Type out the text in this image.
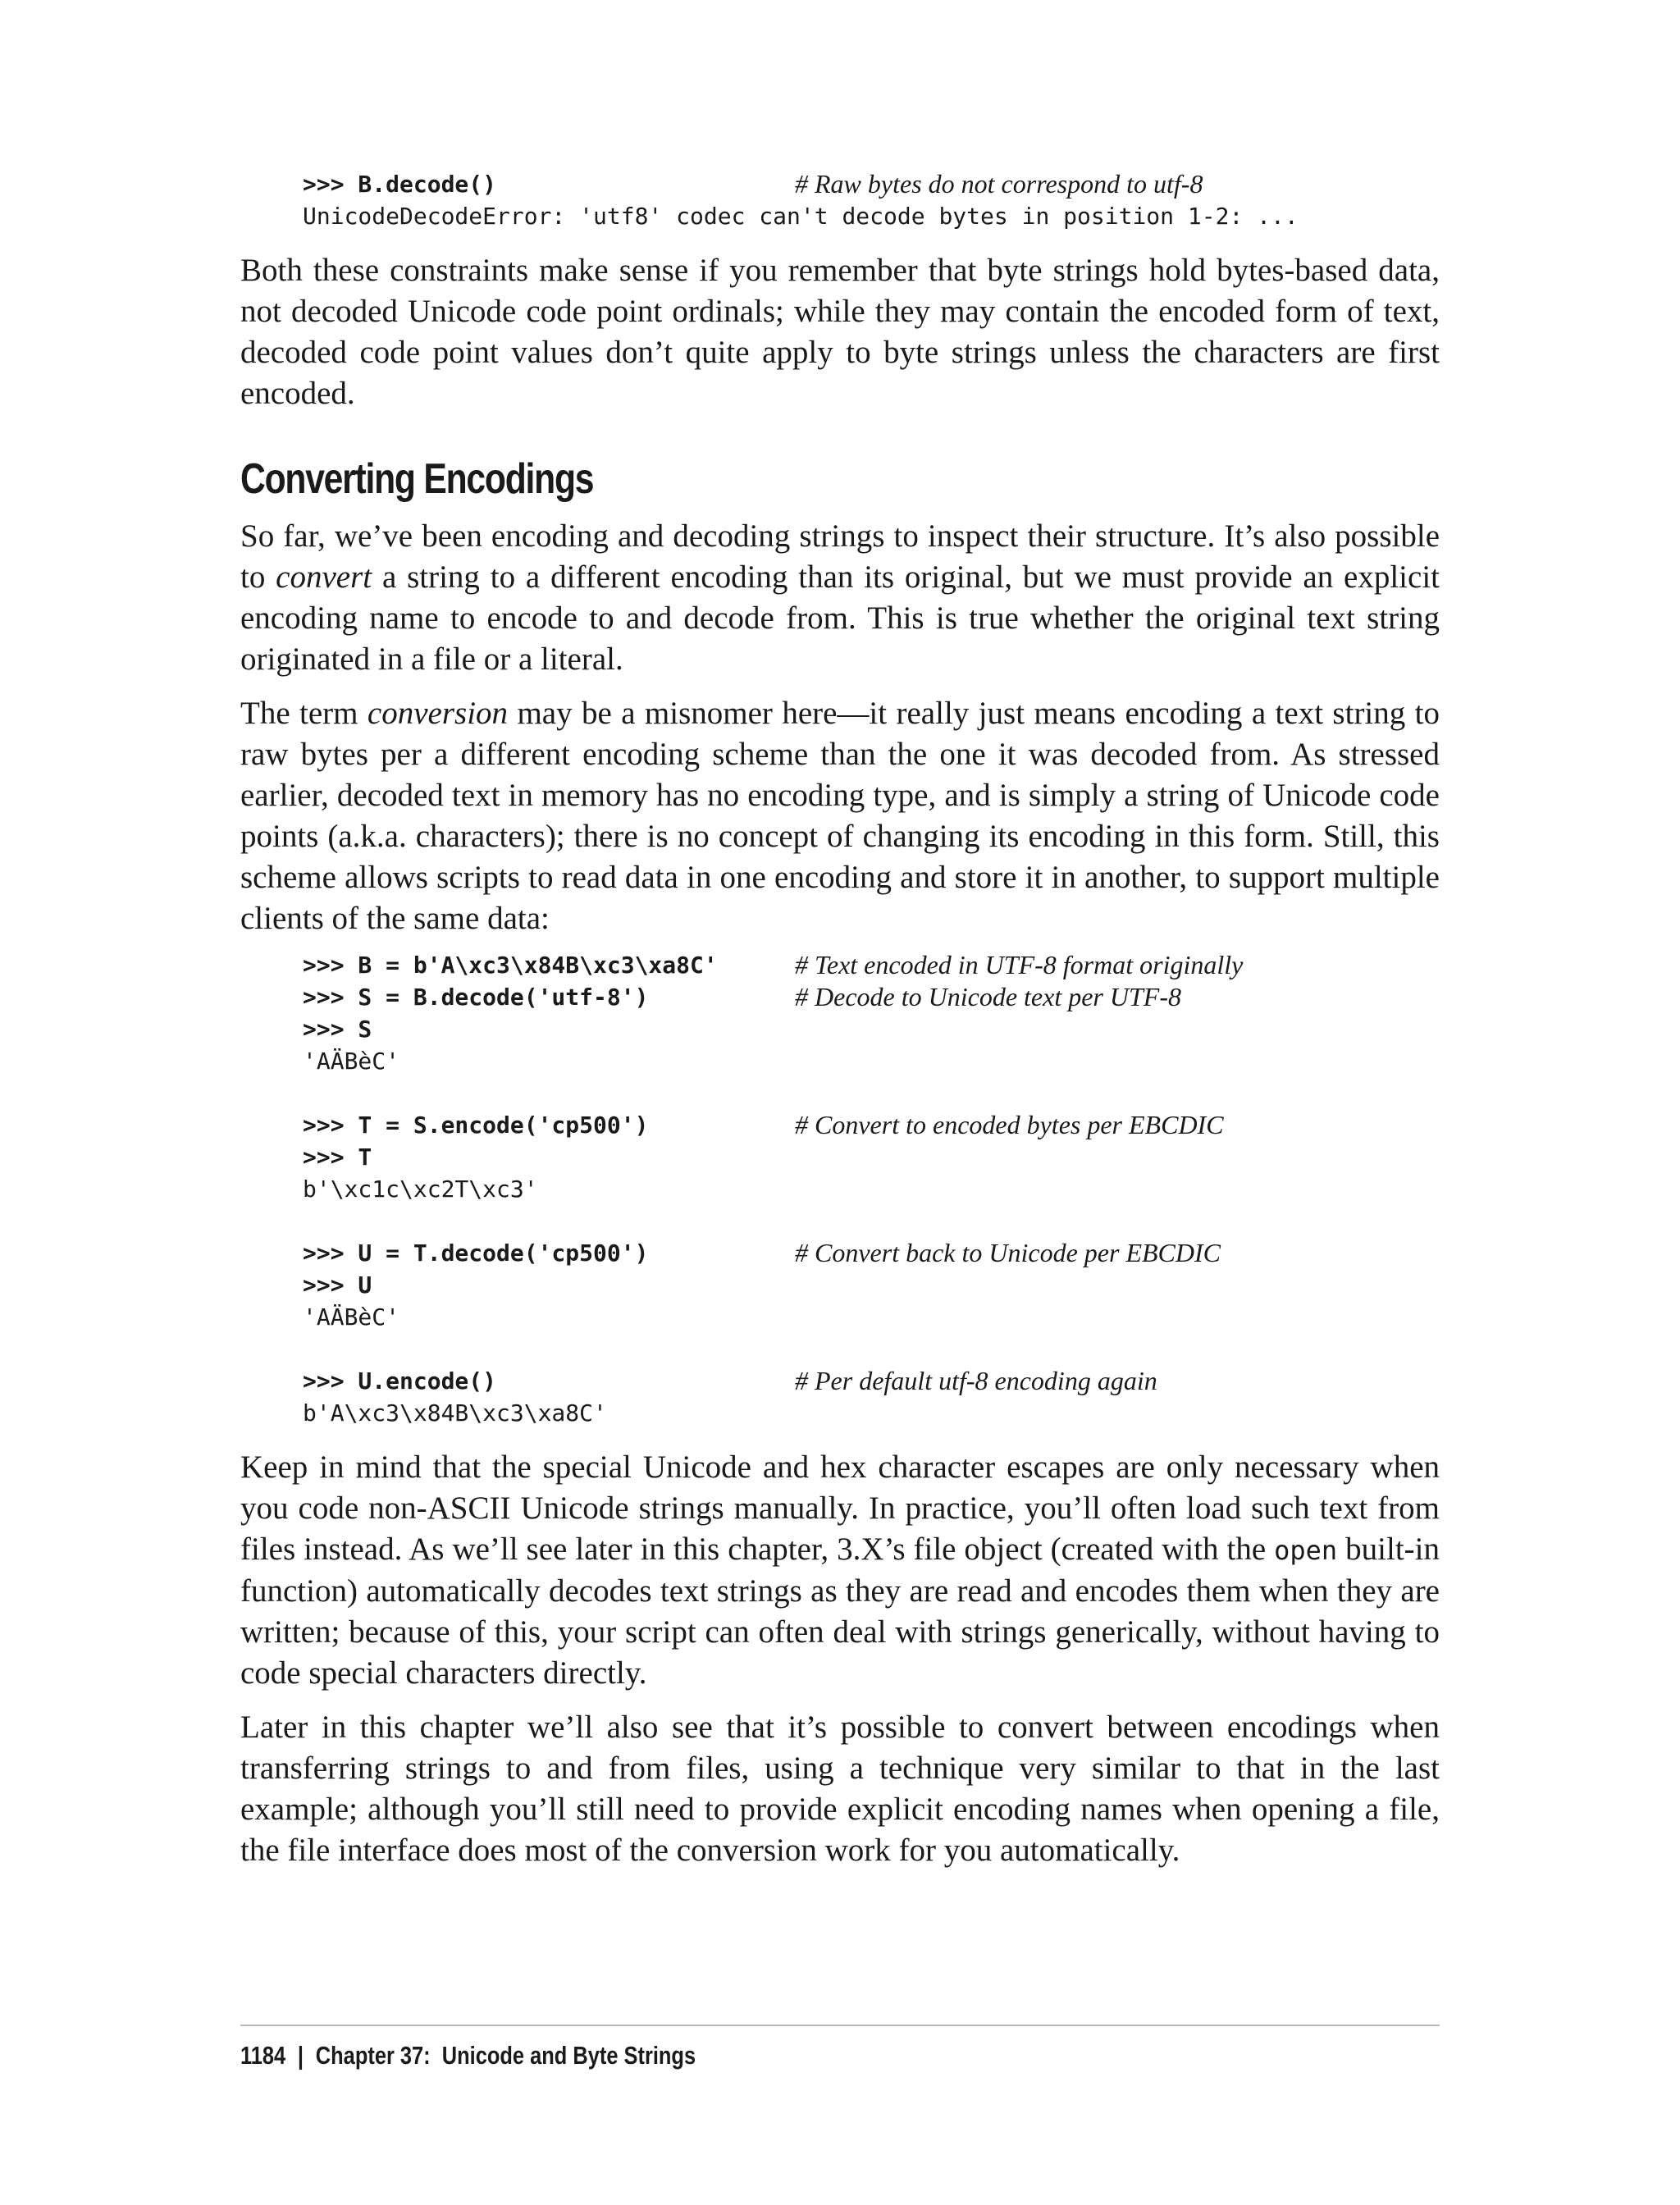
>>> B.decode()	# Raw bytes do not correspond to utf-8
UnicodeDecodeError: 'utf8' codec can't decode bytes in position 1-2: ...

Both these constraints make sense if you remember that byte strings hold bytes-based data, not decoded Unicode code point ordinals; while they may contain the encoded form of text, decoded code point values don’t quite apply to byte strings unless the characters are first encoded.

Converting Encodings

So far, we’ve been encoding and decoding strings to inspect their structure. It’s also possible to convert a string to a different encoding than its original, but we must provide an explicit encoding name to encode to and decode from. This is true whether the original text string originated in a file or a literal.

The term conversion may be a misnomer here—it really just means encoding a text string to raw bytes per a different encoding scheme than the one it was decoded from. As stressed earlier, decoded text in memory has no encoding type, and is simply a string of Unicode code points (a.k.a. characters); there is no concept of changing its encoding in this form. Still, this scheme allows scripts to read data in one encoding and store it in another, to support multiple clients of the same data:

>>> B = b'A\xc3\x84B\xc3\xa8C'	# Text encoded in UTF-8 format originally
>>> S = B.decode('utf-8')	# Decode to Unicode text per UTF-8
>>> S
'AÄBèC'
>>> T = S.encode('cp500')	# Convert to encoded bytes per EBCDIC
>>> T
b'\xc1c\xc2T\xc3'
>>> U = T.decode('cp500')	# Convert back to Unicode per EBCDIC
>>> U
'AÄBèC'
>>> U.encode()	# Per default utf-8 encoding again
b'A\xc3\x84B\xc3\xa8C'

Keep in mind that the special Unicode and hex character escapes are only necessary when you code non-ASCII Unicode strings manually. In practice, you’ll often load such text from files instead. As we’ll see later in this chapter, 3.X’s file object (created with the open built-in function) automatically decodes text strings as they are read and encodes them when they are written; because of this, your script can often deal with strings generically, without having to code special characters directly.

Later in this chapter we’ll also see that it’s possible to convert between encodings when transferring strings to and from files, using a technique very similar to that in the last example; although you’ll still need to provide explicit encoding names when opening a file, the file interface does most of the conversion work for you automatically.

1184 | Chapter 37:  Unicode and Byte Strings
